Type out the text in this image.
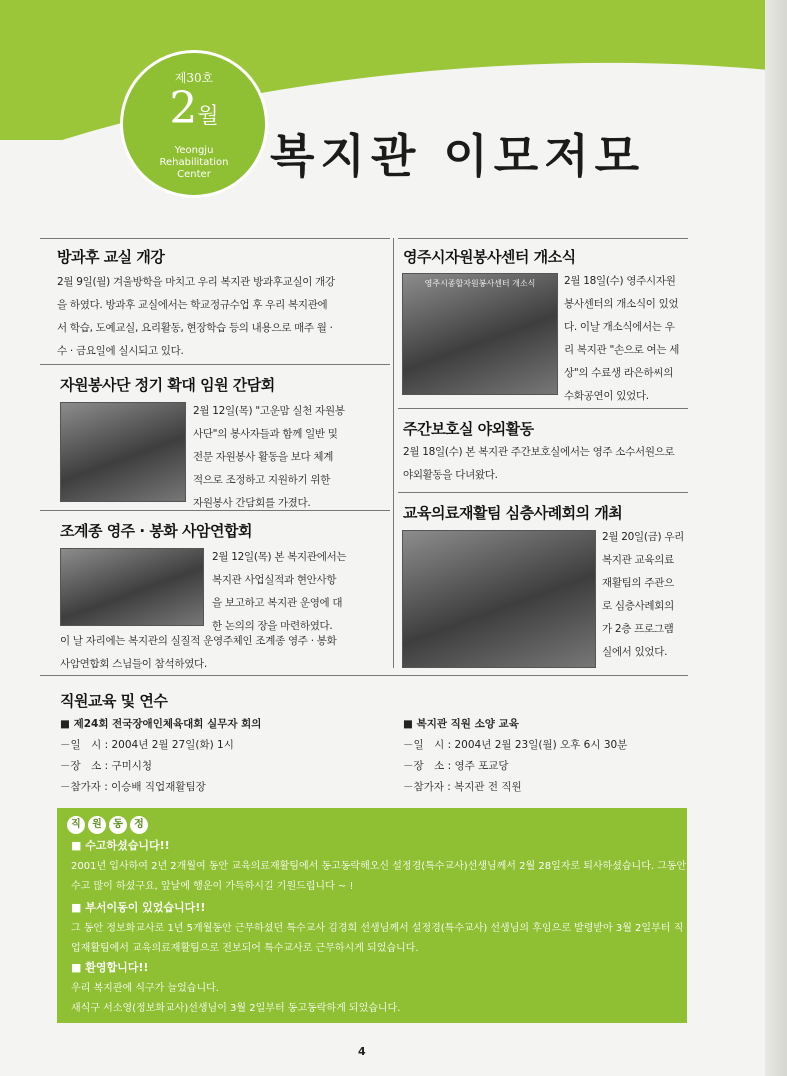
제30호
2월
Yeongju
Rehabilitation
Center	복지관 이모저모
방과후 교실 개강

2월 9일(월) 겨울방학을 마치고 우리 복지관 방과후교실이 개강

을 하였다. 방과후 교실에서는 학교정규수업 후 우리 복지관에

서 학습, 도예교실, 요리활동, 현장학습 등의 내용으로 매주 월 ·

수 · 금요일에 실시되고 있다.

자원봉사단 정기 확대 임원 간담회

2월 12일(목) "고운맘 실천 자원봉

사단"의 봉사자들과 함께 일반 및

전문 자원봉사 활동을 보다 체계

적으로 조정하고 지원하기 위한

자원봉사 간담회를 가졌다.

조계종 영주 · 봉화 사암연합회

2월 12일(목) 본 복지관에서는

복지관 사업실적과 현안사항

을 보고하고 복지관 운영에 대

한 논의의 장을 마련하였다.

이 날 자리에는 복지관의 실질적 운영주체인 조계종 영주 · 봉화

사암연합회 스님들이 참석하였다.

영주시자원봉사센터 개소식
영주시종합자원봉사센터 개소식	2월 18일(수) 영주시자원

봉사센터의 개소식이 있었

다. 이날 개소식에서는 우

리 복지관 "손으로 여는 세

상"의 수료생 라은하씨의

수화공연이 있었다.

주간보호실 야외활동

2월 18일(수) 본 복지관 주간보호실에서는 영주 소수서원으로

야외활동을 다녀왔다.

교육의료재활팀 심층사례회의 개최

2월 20일(금) 우리

복지관 교육의료

재활팀의 주관으

로 심층사례회의

가 2층 프로그램

실에서 있었다.

직원교육 및 연수
■ 제24회 전국장애인체육대회 실무자 회의
－일　시 : 2004년 2월 27일(화) 1시
－장　소 : 구미시청
－참가자 : 이승배 직업재활팀장
■ 복지관 직원 소양 교육
－일　시 : 2004년 2월 23일(월) 오후 6시 30분
－장　소 : 영주 포교당
－참가자 : 복지관 전 직원
직	원	동	정
■ 수고하셨습니다!!
2001년 입사하여 2년 2개월여 동안 교육의료재활팀에서 동고동락해오신 설정경(특수교사)선생님께서 2월 28일자로 퇴사하셨습니다. 그동안
수고 많이 하셨구요, 앞날에 행운이 가득하시길 기원드립니다 ~ !
■ 부서이동이 있었습니다!!
그 동안 정보화교사로 1년 5개월동안 근무하셨던 특수교사 김경희 선생님께서 설정경(특수교사) 선생님의 후임으로 발령받아 3월 2일부터 직
업재활팀에서 교육의료재활팀으로 전보되어 특수교사로 근무하시게 되었습니다.
■ 환영합니다!!
우리 복지관에 식구가 늘었습니다.
새식구 서소영(정보화교사)선생님이 3월 2일부터 동고동락하게 되었습니다.
4
